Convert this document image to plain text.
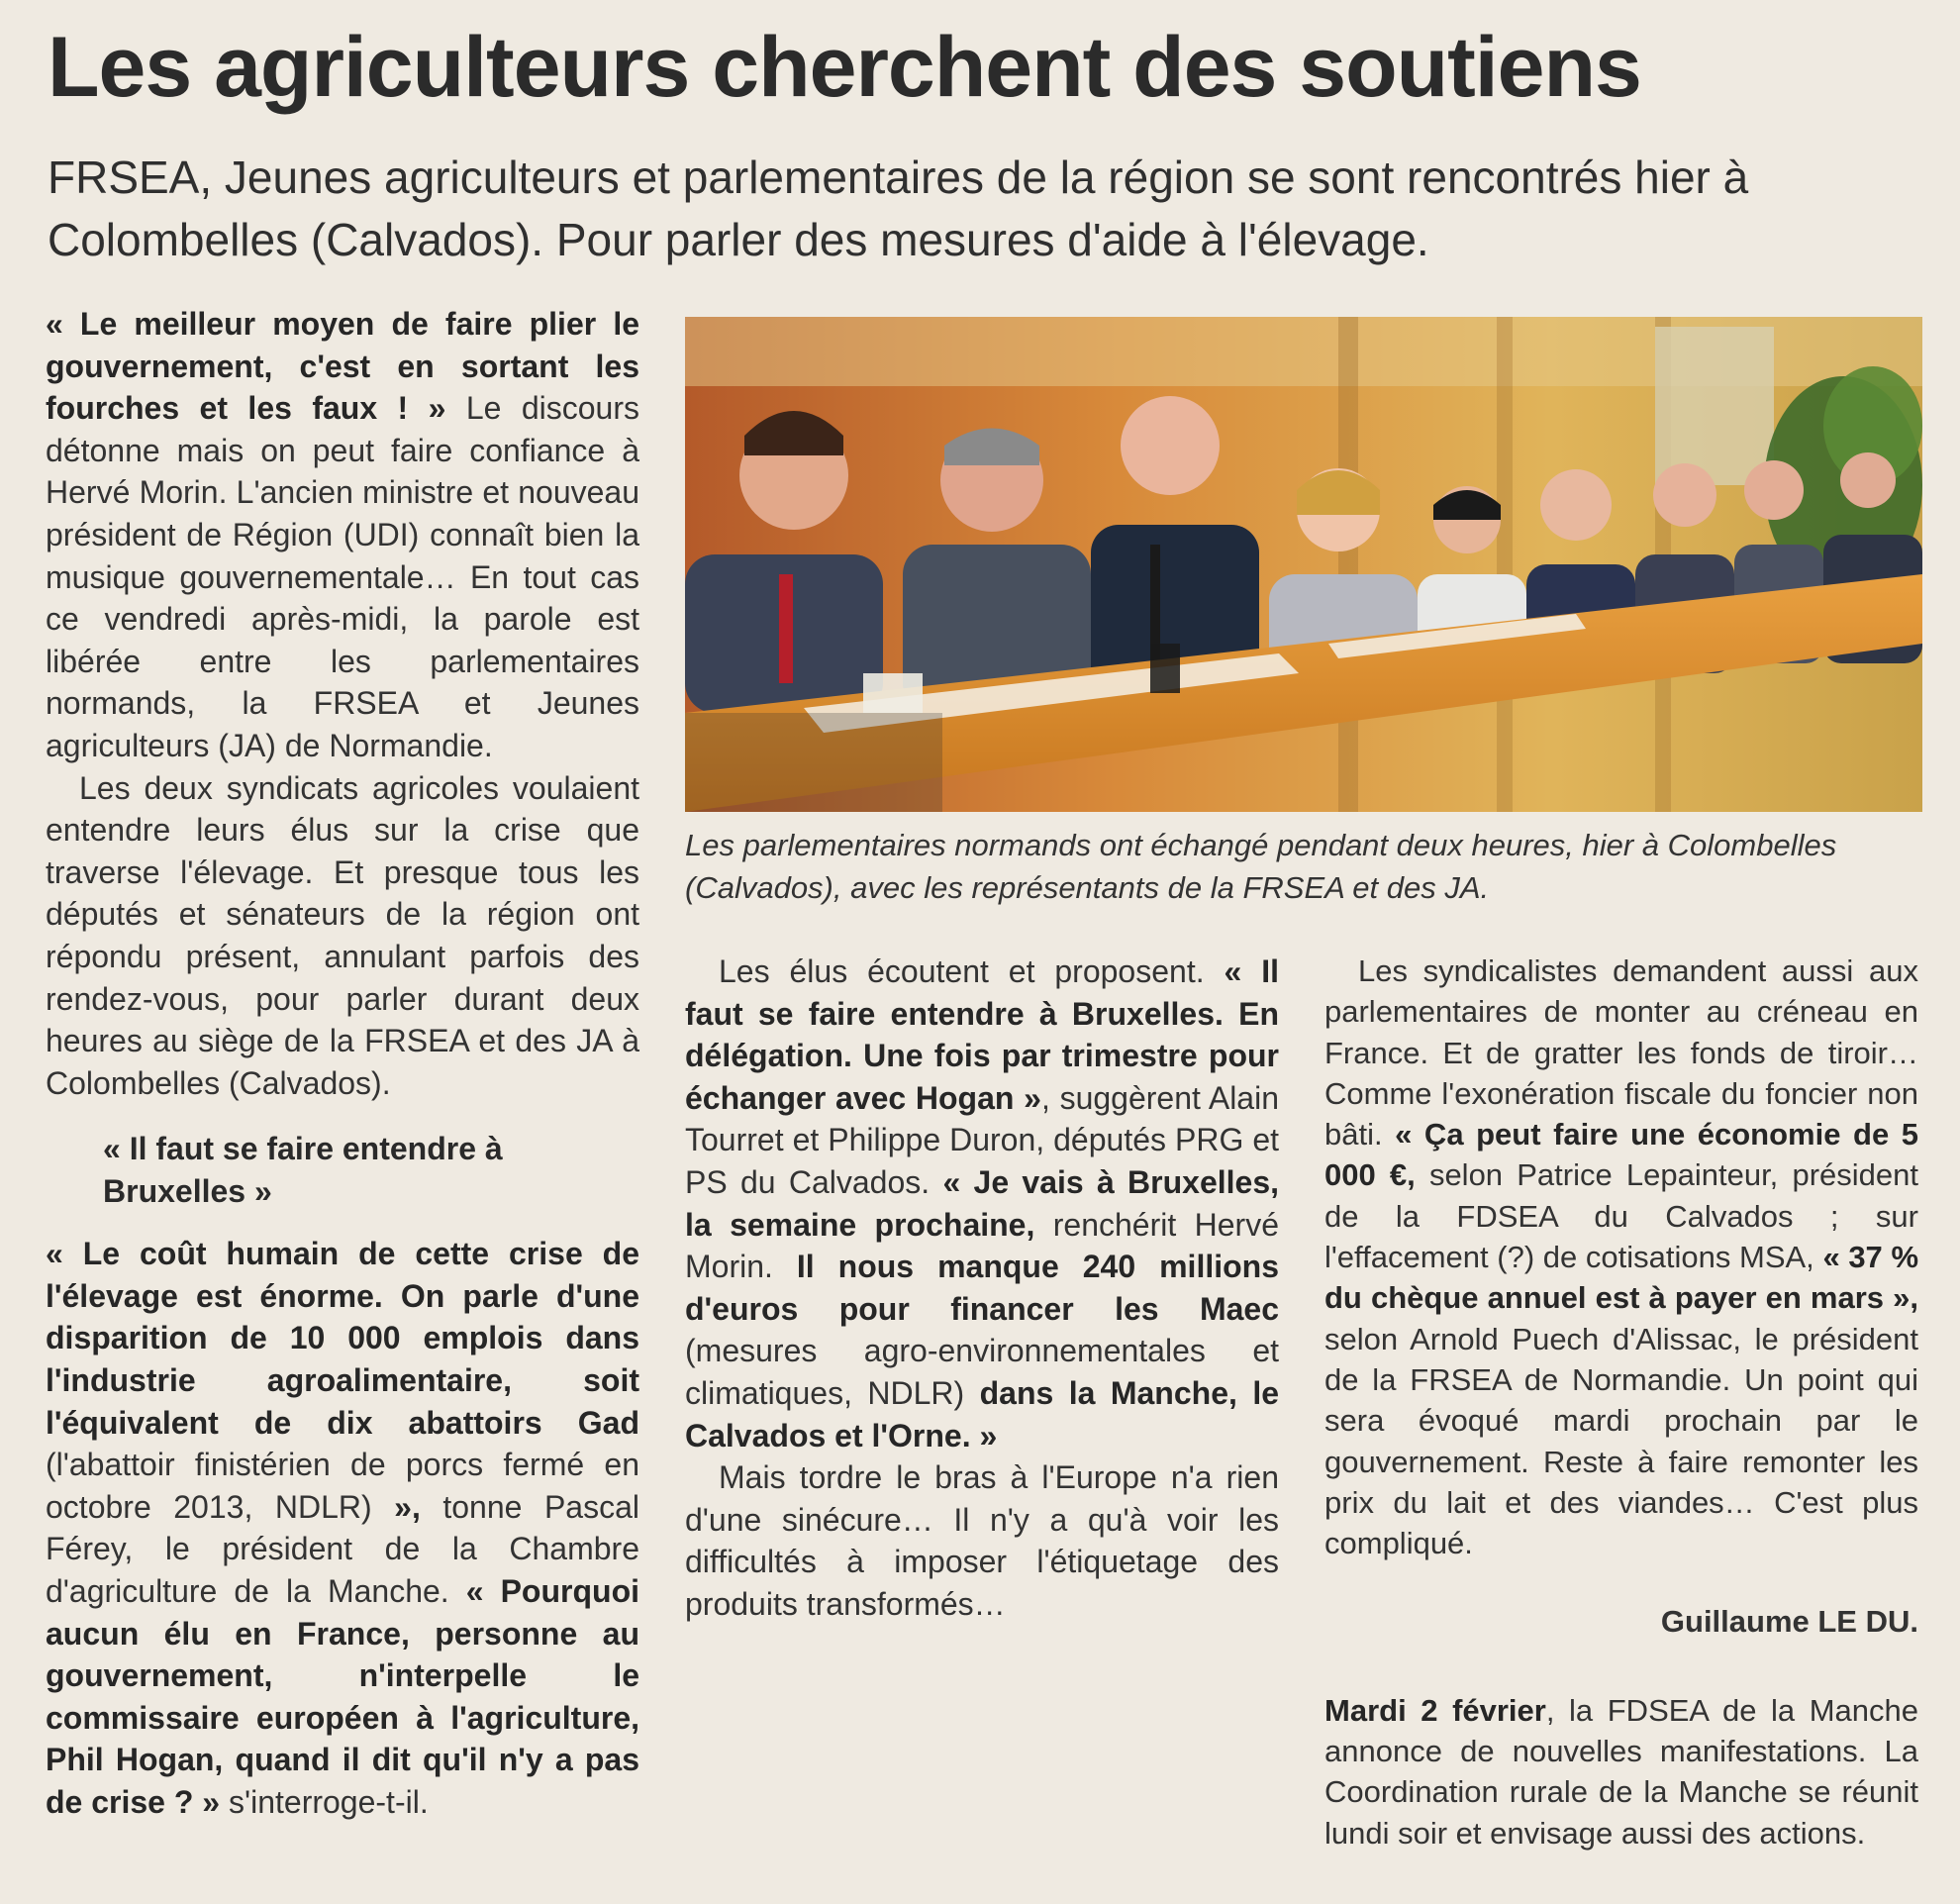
Les agriculteurs cherchent des soutiens

FRSEA, Jeunes agriculteurs et parlementaires de la région se sont rencontrés hier à Colombelles (Calvados). Pour parler des mesures d'aide à l'élevage.

« Le meilleur moyen de faire plier le gouvernement, c'est en sortant les fourches et les faux ! » Le discours détonne mais on peut faire confiance à Hervé Morin. L'ancien ministre et nouveau président de Région (UDI) connaît bien la musique gouvernementale… En tout cas ce vendredi après-midi, la parole est libérée entre les parlementaires normands, la FRSEA et Jeunes agriculteurs (JA) de Normandie.

Les deux syndicats agricoles voulaient entendre leurs élus sur la crise que traverse l'élevage. Et presque tous les députés et sénateurs de la région ont répondu présent, annulant parfois des rendez-vous, pour parler durant deux heures au siège de la FRSEA et des JA à Colombelles (Calvados).

« Il faut se faire entendre à Bruxelles »

« Le coût humain de cette crise de l'élevage est énorme. On parle d'une disparition de 10 000 emplois dans l'industrie agroalimentaire, soit l'équivalent de dix abattoirs Gad (l'abattoir finistérien de porcs fermé en octobre 2013, NDLR) », tonne Pascal Férey, le président de la Chambre d'agriculture de la Manche. « Pourquoi aucun élu en France, personne au gouvernement, n'interpelle le commissaire européen à l'agriculture, Phil Hogan, quand il dit qu'il n'y a pas de crise ? » s'interroge-t-il.

Les parlementaires normands ont échangé pendant deux heures, hier à Colombelles (Calvados), avec les représentants de la FRSEA et des JA.

Les élus écoutent et proposent. « Il faut se faire entendre à Bruxelles. En délégation. Une fois par trimestre pour échanger avec Hogan », suggèrent Alain Tourret et Philippe Duron, députés PRG et PS du Calvados. « Je vais à Bruxelles, la semaine prochaine, renchérit Hervé Morin. Il nous manque 240 millions d'euros pour financer les Maec (mesures agro-environnementales et climatiques, NDLR) dans la Manche, le Calvados et l'Orne. »

Mais tordre le bras à l'Europe n'a rien d'une sinécure… Il n'y a qu'à voir les difficultés à imposer l'étiquetage des produits transformés…

Les syndicalistes demandent aussi aux parlementaires de monter au créneau en France. Et de gratter les fonds de tiroir… Comme l'exonération fiscale du foncier non bâti. « Ça peut faire une économie de 5 000 €, selon Patrice Lepainteur, président de la FDSEA du Calvados ; sur l'effacement (?) de cotisations MSA, « 37 % du chèque annuel est à payer en mars », selon Arnold Puech d'Alissac, le président de la FRSEA de Normandie. Un point qui sera évoqué mardi prochain par le gouvernement. Reste à faire remonter les prix du lait et des viandes… C'est plus compliqué.

Guillaume LE DU.

Mardi 2 février, la FDSEA de la Manche annonce de nouvelles manifestations. La Coordination rurale de la Manche se réunit lundi soir et envisage aussi des actions.
